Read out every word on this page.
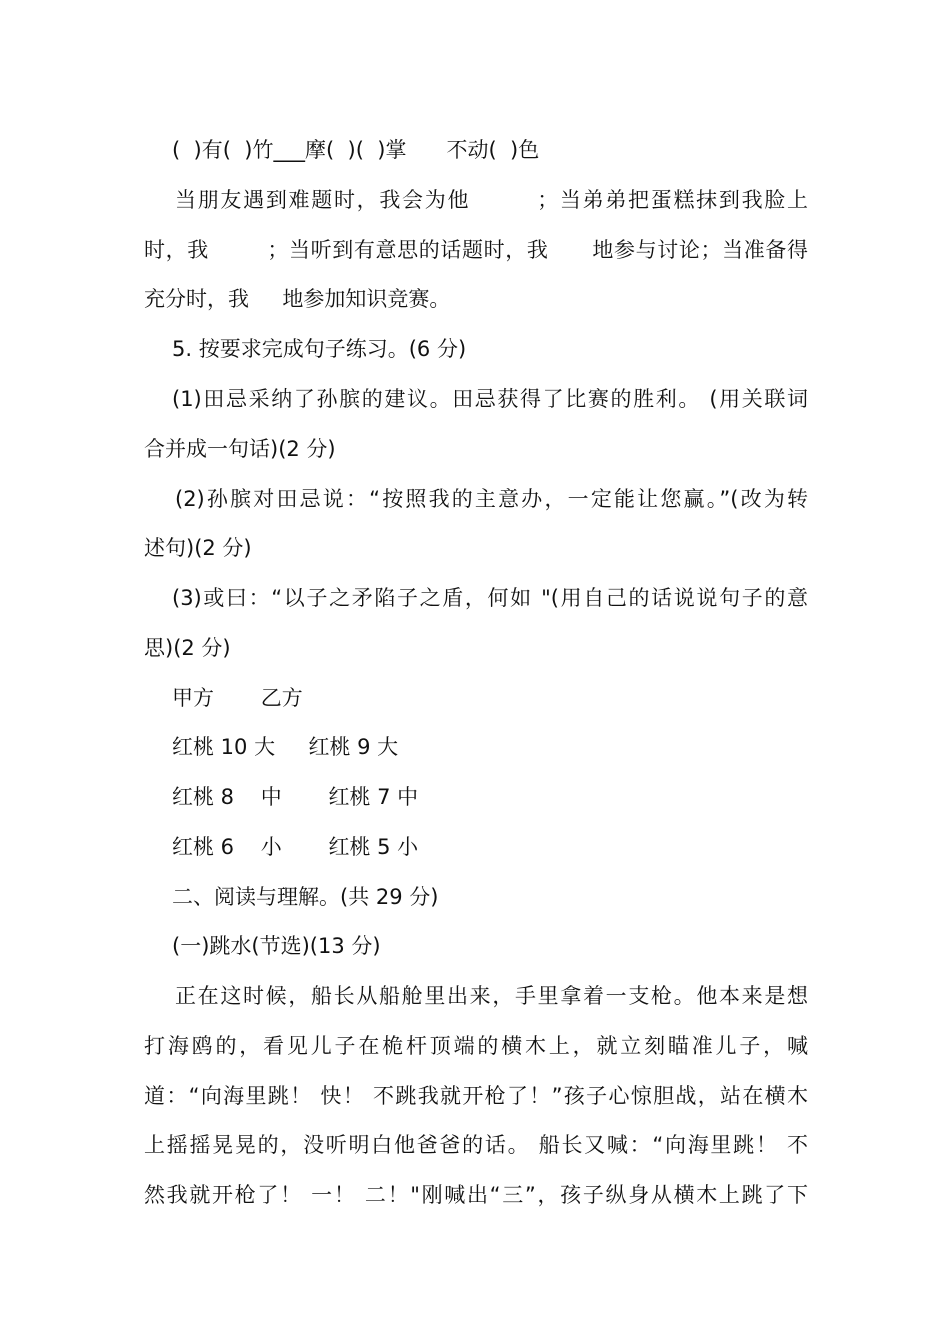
(  )有(  )竹___摩(  )(  )掌      不动(  )色
当朋友遇到难题时，我会为他        ；当弟弟把蛋糕抹到我脸上
时，我        ；当听到有意思的话题时，我      地参与讨论；当准备得
充分时，我     地参加知识竞赛。
5. 按要求完成句子练习。(6 分)
(1)田忌采纳了孙膑的建议。田忌获得了比赛的胜利。 (用关联词
合并成一句话)(2 分)
(2)孙膑对田忌说：“按照我的主意办，一定能让您赢。”(改为转
述句)(2 分)
(3)或曰：“以子之矛陷子之盾，何如 "(用自己的话说说句子的意
思)(2 分)
甲方       乙方
红桃 10 大     红桃 9 大
红桃 8    中       红桃 7 中
红桃 6    小       红桃 5 小
二、阅读与理解。(共 29 分)
(一)跳水(节选)(13 分)
正在这时候，船长从船舱里出来，手里拿着一支枪。他本来是想
打海鸥的，看见儿子在桅杆顶端的横木上，就立刻瞄准儿子，喊
道：“向海里跳！ 快！ 不跳我就开枪了！”孩子心惊胆战，站在横木
上摇摇晃晃的，没听明白他爸爸的话。 船长又喊：“向海里跳！ 不
然我就开枪了！ 一！ 二！"刚喊出“三”，孩子纵身从横木上跳了下
